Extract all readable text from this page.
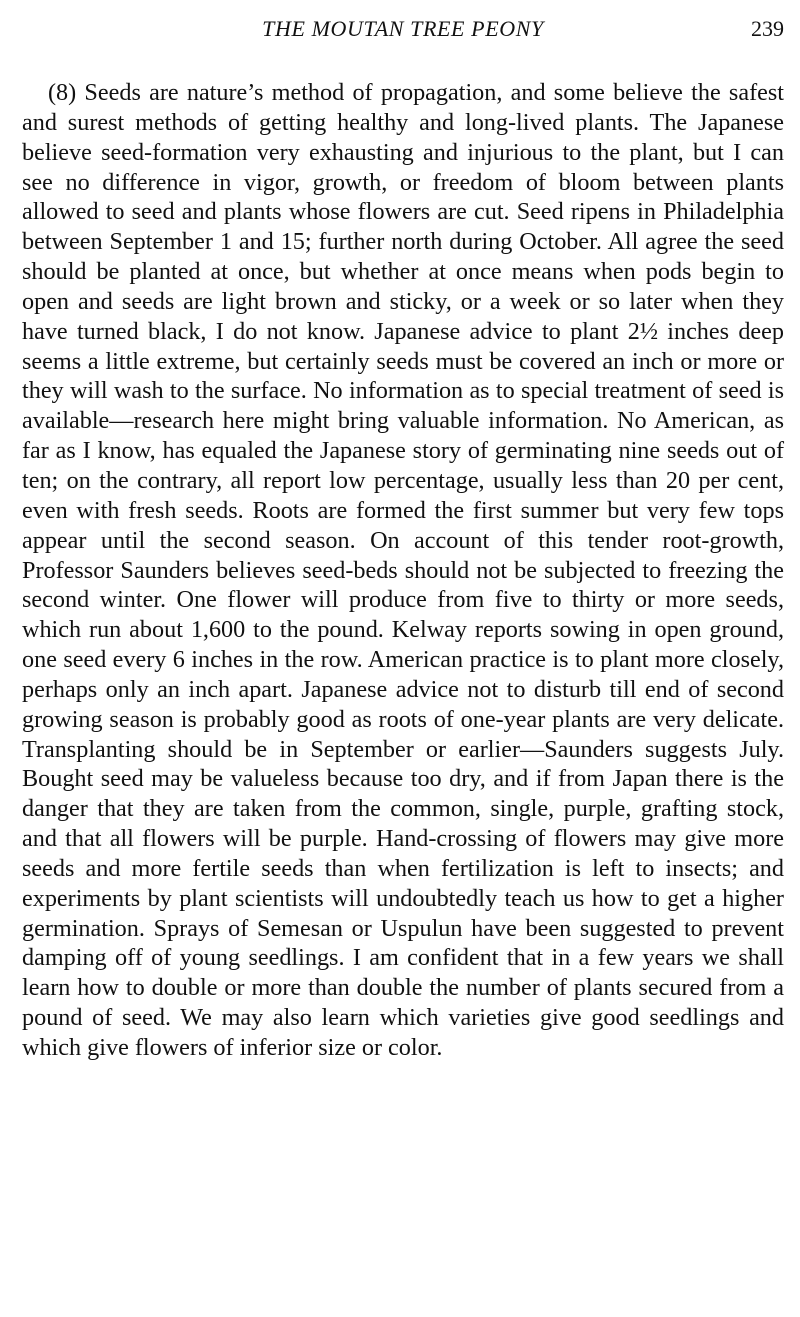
THE MOUTAN TREE PEONY	239

(8) Seeds are nature’s method of propagation, and some believe the safest and surest methods of getting healthy and long-lived plants. The Japanese believe seed-formation very exhausting and injurious to the plant, but I can see no difference in vigor, growth, or freedom of bloom between plants allowed to seed and plants whose flowers are cut. Seed ripens in Philadelphia between September 1 and 15; further north during October. All agree the seed should be planted at once, but whether at once means when pods begin to open and seeds are light brown and sticky, or a week or so later when they have turned black, I do not know. Japanese advice to plant 2½ inches deep seems a little extreme, but certainly seeds must be covered an inch or more or they will wash to the surface. No information as to special treatment of seed is available—research here might bring valuable information. No American, as far as I know, has equaled the Japanese story of germinating nine seeds out of ten; on the contrary, all report low percentage, usually less than 20 per cent, even with fresh seeds. Roots are formed the first summer but very few tops appear until the second season. On account of this tender root-growth, Professor Saunders believes seed-beds should not be subjected to freezing the second winter. One flower will produce from five to thirty or more seeds, which run about 1,600 to the pound. Kelway reports sowing in open ground, one seed every 6 inches in the row. American practice is to plant more closely, perhaps only an inch apart. Japanese advice not to disturb till end of second growing season is probably good as roots of one-year plants are very delicate. Transplanting should be in September or earlier—Saunders suggests July. Bought seed may be valueless because too dry, and if from Japan there is the danger that they are taken from the common, single, purple, grafting stock, and that all flowers will be purple. Hand-crossing of flowers may give more seeds and more fertile seeds than when fertilization is left to insects; and experiments by plant scientists will undoubtedly teach us how to get a higher germination. Sprays of Semesan or Uspulun have been suggested to prevent damping off of young seedlings. I am confident that in a few years we shall learn how to double or more than double the number of plants secured from a pound of seed. We may also learn which varieties give good seedlings and which give flowers of inferior size or color.
